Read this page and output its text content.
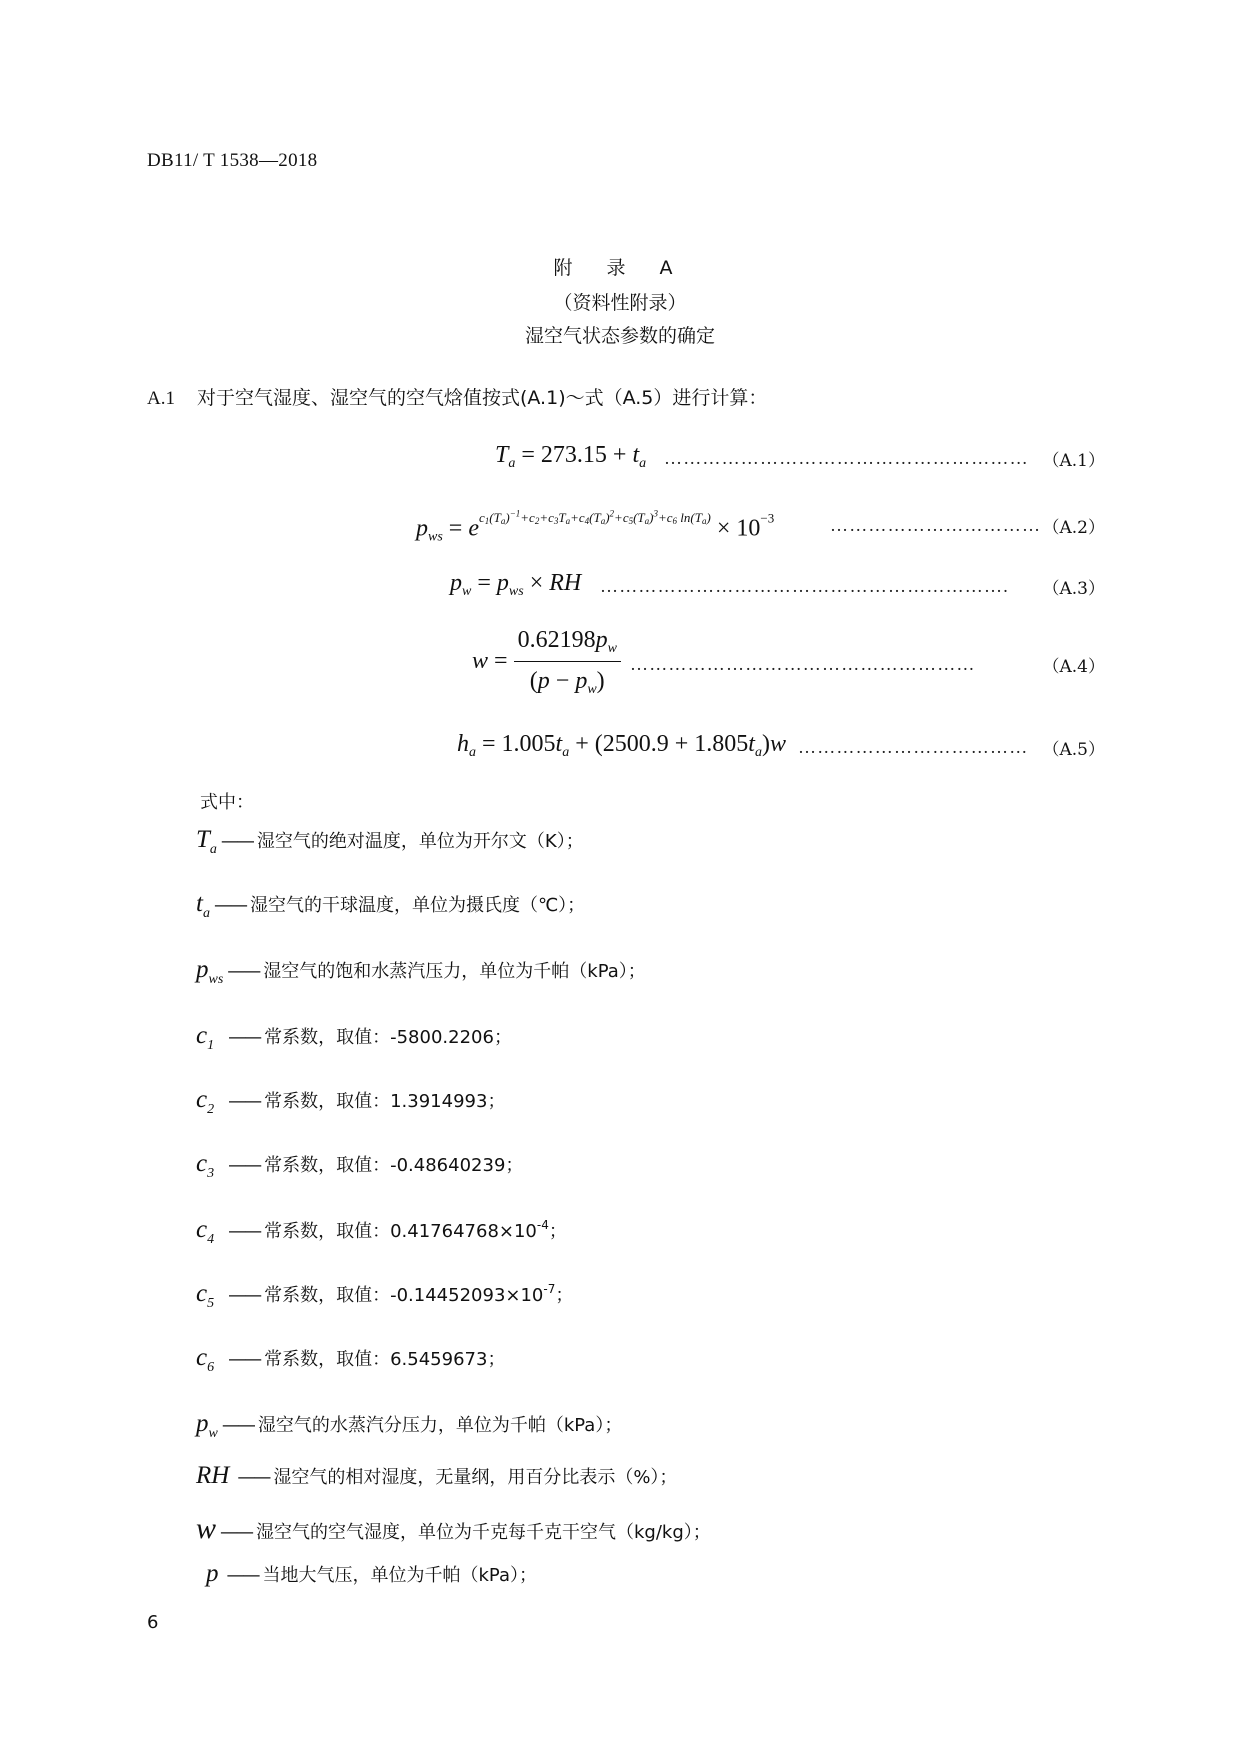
DB11/ T 1538—2018
附 录 A
（资料性附录）
湿空气状态参数的确定
A.1 对于空气湿度、湿空气的空气焓值按式(A.1)～式（A.5）进行计算：
$T_a = 273.15 + t_a$ ………………………………………………… （A.1）
$p_{ws} = e^{c_1(T_a)^{-1}+c_2+c_3T_a+c_4(T_a)^2+c_5(T_a)^3+c_6 ln(T_a)} \times 10^{-3}$	…………………………… （A.2）
$p_w = p_{ws}$ × RH ………………………………………………………. （A.3）
$w = \frac{0.62198p_w}{(p - p_w)}$ ………………………………………………	（A.4）
$h_a = 1.005t_a + (2500.9 + 1.805t_a)w$ ……………………………… （A.5）
式中：
$T_a$ —— 湿空气的绝对温度，单位为开尔文（K）；
$t_a$ —— 湿空气的干球温度，单位为摄氏度（℃）；
$p_{ws}$ —— 湿空气的饱和水蒸汽压力，单位为千帕（kPa）；
$c_1$ —— 常系数，取值：-5800.2206；
$c_2$ —— 常系数，取值：1.3914993；
$c_3$ —— 常系数，取值：-0.48640239；
$c_4$ —— 常系数，取值：$0.41764768\times 10^{-4}$；
$c_5$ —— 常系数，取值：$-0.14452093\times 10^{-7}$；
$c_6$ —— 常系数，取值：6.5459673；
$p_w$ —— 湿空气的水蒸汽分压力，单位为千帕（kPa）；
RH —— 湿空气的相对湿度，无量纲，用百分比表示（%）；
w —— 湿空气的空气湿度，单位为千克每千克干空气（kg/kg）；
p —— 当地大气压，单位为千帕（kPa）；
6
